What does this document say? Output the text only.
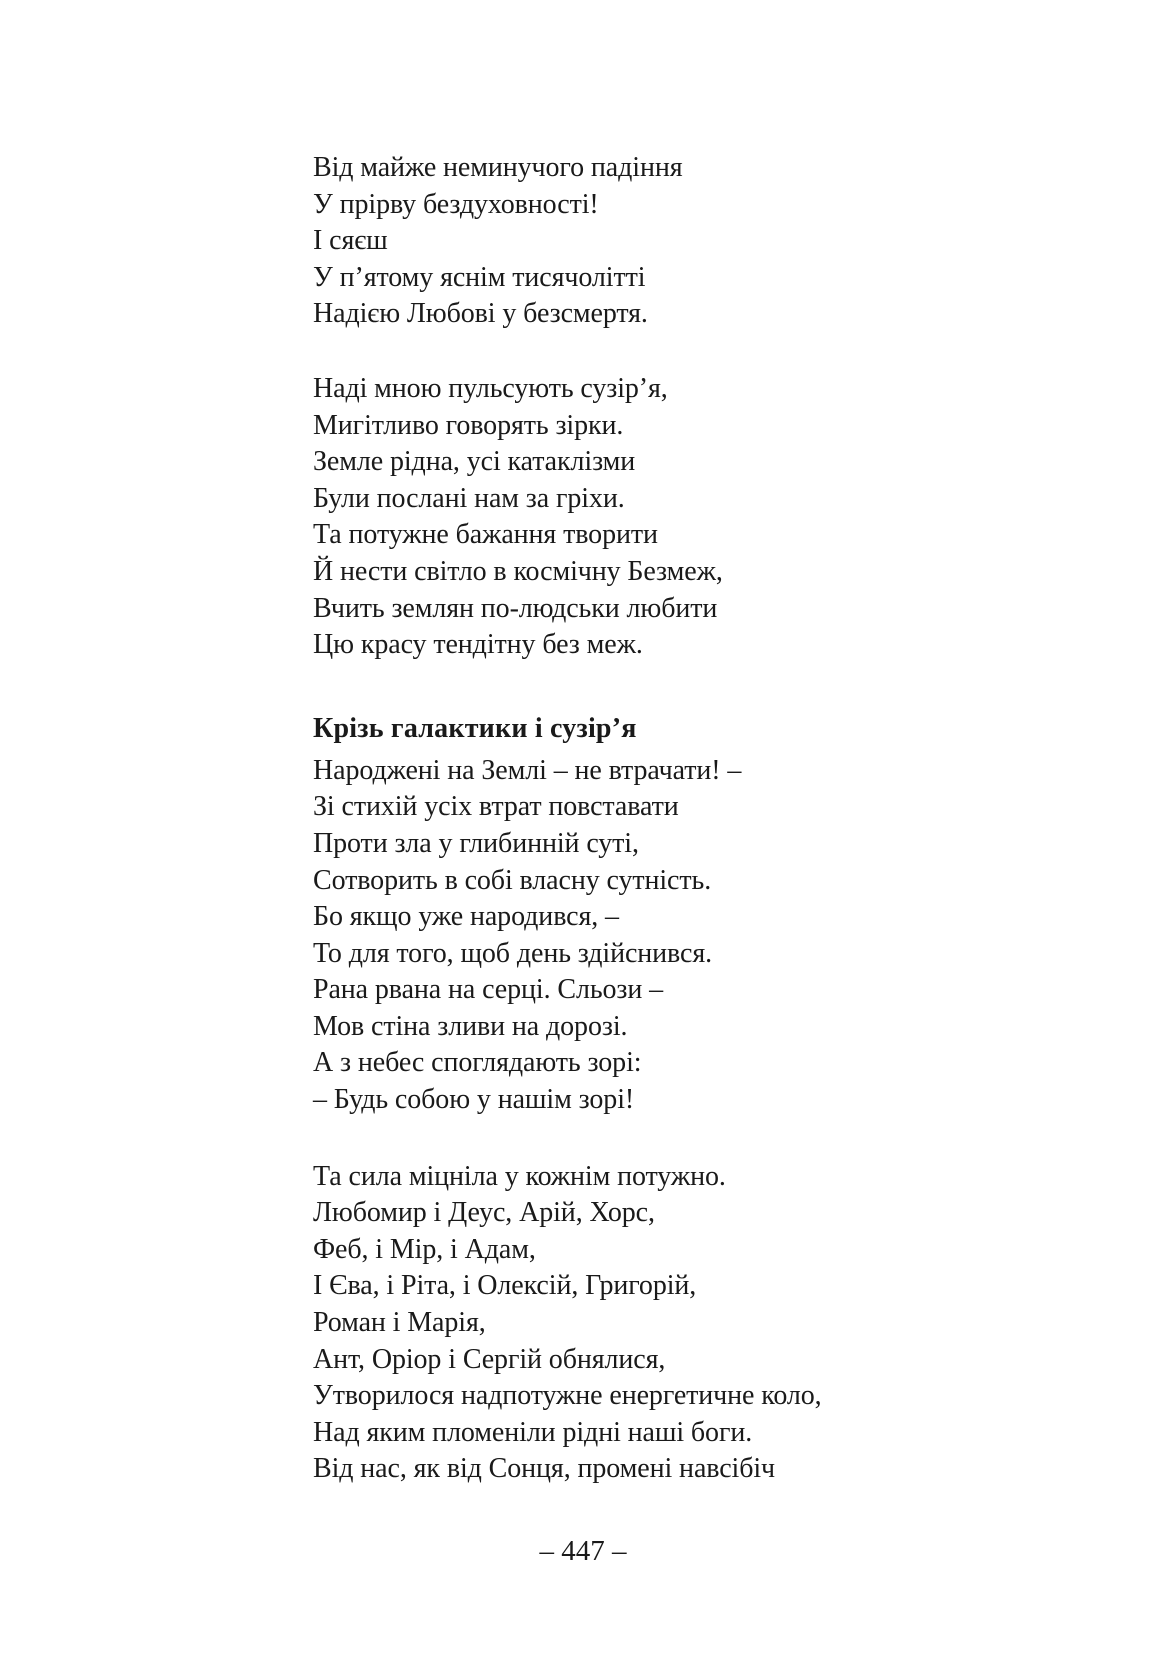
Від майже неминучого падіння
У прірву бездуховності!
І сяєш
У п’ятому яснім тисячолітті
Надією Любові у безсмертя.
Наді мною пульсують сузір’я,
Мигітливо говорять зірки.
Земле рідна, усі катаклізми
Були послані нам за гріхи.
Та потужне бажання творити
Й нести світло в космічну Безмеж,
Вчить землян по-людськи любити
Цю красу тендітну без меж.
Крізь галактики і сузір’я
Народжені на Землі – не втрачати! –
Зі стихій усіх втрат повставати
Проти зла у глибинній суті,
Сотворить в собі власну сутність.
Бо якщо уже народився, –
То для того, щоб день здійснився.
Рана рвана на серці. Сльози –
Мов стіна зливи на дорозі.
А з небес споглядають зорі:
– Будь собою у нашім зорі!
Та сила міцніла у кожнім потужно.
Любомир і Деус, Арій, Хорс,
Феб, і Мір, і Адам,
І Єва, і Ріта, і Олексій, Григорій,
Роман і Марія,
Ант, Оріор і Сергій обнялися,
Утворилося надпотужне енергетичне коло,
Над яким пломеніли рідні наші боги.
Від нас, як від Сонця, промені навсібіч
– 447 –
